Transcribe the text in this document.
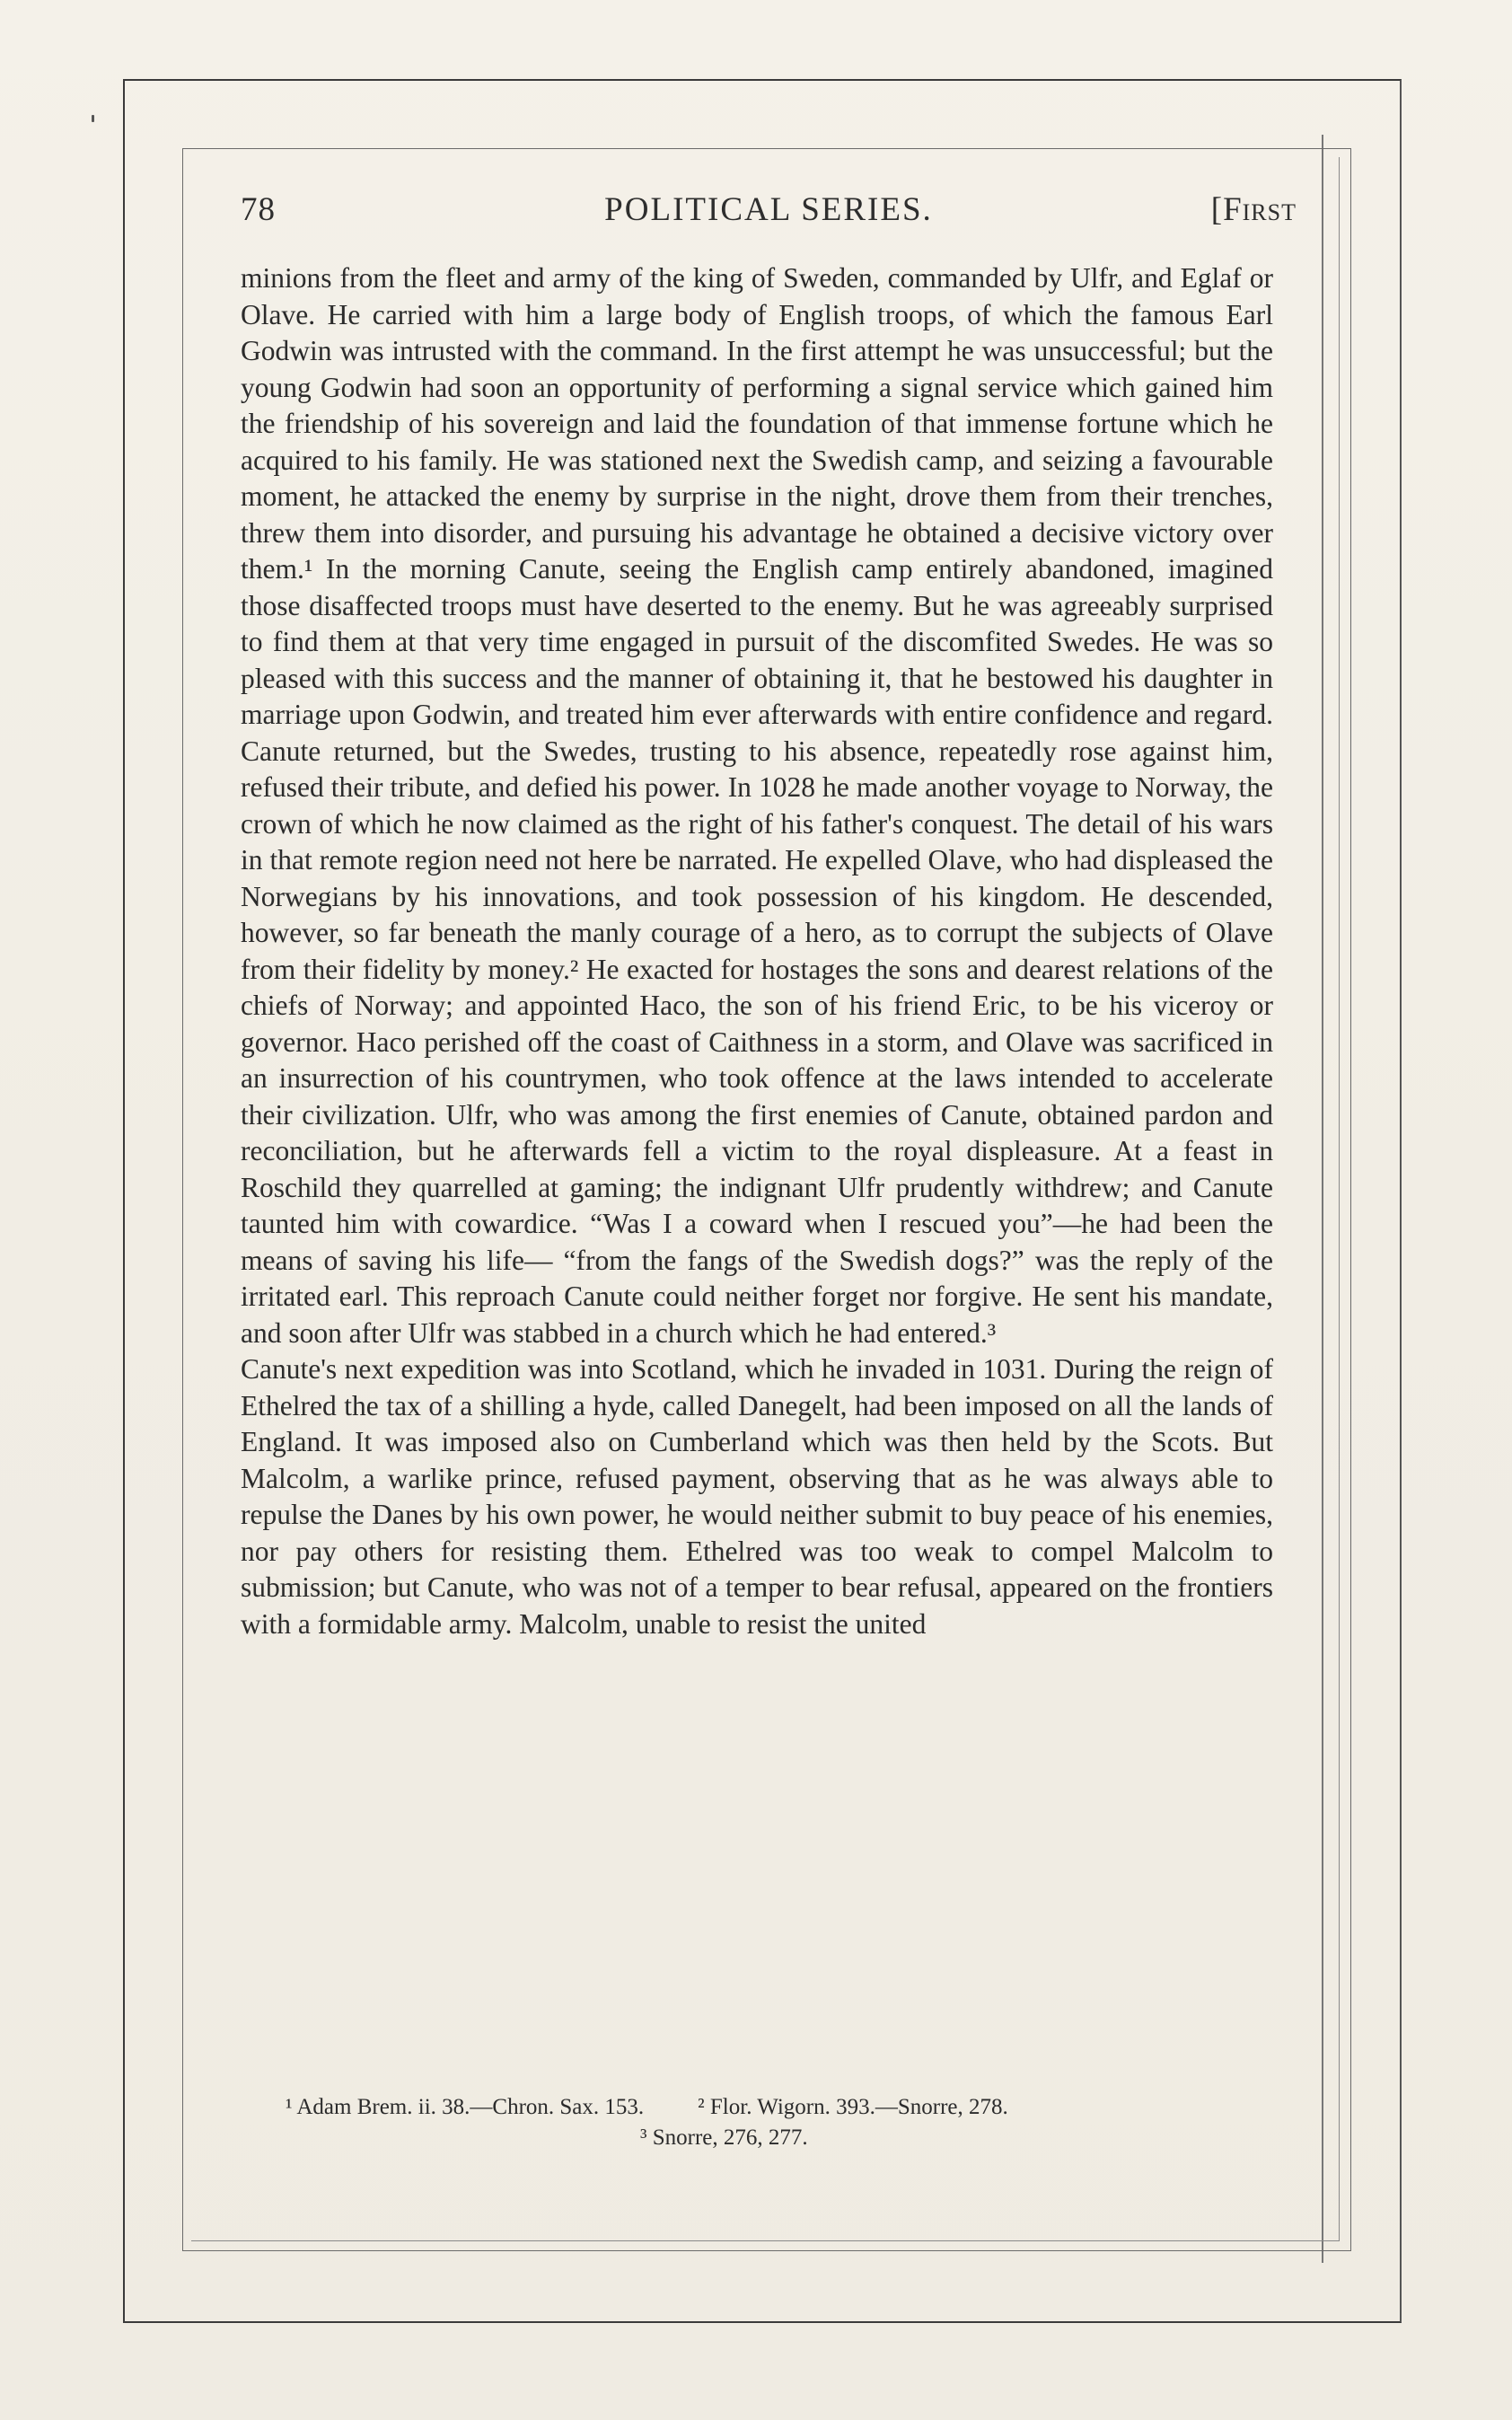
78	POLITICAL SERIES.	[First

minions from the fleet and army of the king of Sweden, commanded by Ulfr, and Eglaf or Olave. He carried with him a large body of English troops, of which the famous Earl Godwin was intrusted with the command. In the first attempt he was unsuccessful; but the young Godwin had soon an opportunity of performing a signal service which gained him the friendship of his sovereign and laid the foundation of that immense fortune which he acquired to his family. He was stationed next the Swedish camp, and seizing a favourable moment, he attacked the enemy by surprise in the night, drove them from their trenches, threw them into disorder, and pursuing his advantage he obtained a decisive victory over them.¹ In the morning Canute, seeing the English camp entirely abandoned, imagined those disaffected troops must have deserted to the enemy. But he was agreeably surprised to find them at that very time engaged in pursuit of the discomfited Swedes. He was so pleased with this success and the manner of obtaining it, that he bestowed his daughter in marriage upon Godwin, and treated him ever afterwards with entire confidence and regard. Canute returned, but the Swedes, trusting to his absence, repeatedly rose against him, refused their tribute, and defied his power. In 1028 he made another voyage to Norway, the crown of which he now claimed as the right of his father's conquest. The detail of his wars in that remote region need not here be narrated. He expelled Olave, who had displeased the Norwegians by his innovations, and took possession of his kingdom. He descended, however, so far beneath the manly courage of a hero, as to corrupt the subjects of Olave from their fidelity by money.² He exacted for hostages the sons and dearest relations of the chiefs of Norway; and appointed Haco, the son of his friend Eric, to be his viceroy or governor. Haco perished off the coast of Caithness in a storm, and Olave was sacrificed in an insurrection of his countrymen, who took offence at the laws intended to accelerate their civilization. Ulfr, who was among the first enemies of Canute, obtained pardon and reconciliation, but he afterwards fell a victim to the royal displeasure. At a feast in Roschild they quarrelled at gaming; the indignant Ulfr prudently withdrew; and Canute taunted him with cowardice. “Was I a coward when I rescued you”—he had been the means of saving his life— “from the fangs of the Swedish dogs?” was the reply of the irritated earl. This reproach Canute could neither forget nor forgive. He sent his mandate, and soon after Ulfr was stabbed in a church which he had entered.³

Canute's next expedition was into Scotland, which he invaded in 1031. During the reign of Ethelred the tax of a shilling a hyde, called Danegelt, had been imposed on all the lands of England. It was imposed also on Cumberland which was then held by the Scots. But Malcolm, a warlike prince, refused payment, observing that as he was always able to repulse the Danes by his own power, he would neither submit to buy peace of his enemies, nor pay others for resisting them. Ethelred was too weak to compel Malcolm to submission; but Canute, who was not of a temper to bear refusal, appeared on the frontiers with a formidable army. Malcolm, unable to resist the united

¹ Adam Brem. ii. 38.—Chron. Sax. 153. ² Flor. Wigorn. 393.—Snorre, 278.
³ Snorre, 276, 277.
